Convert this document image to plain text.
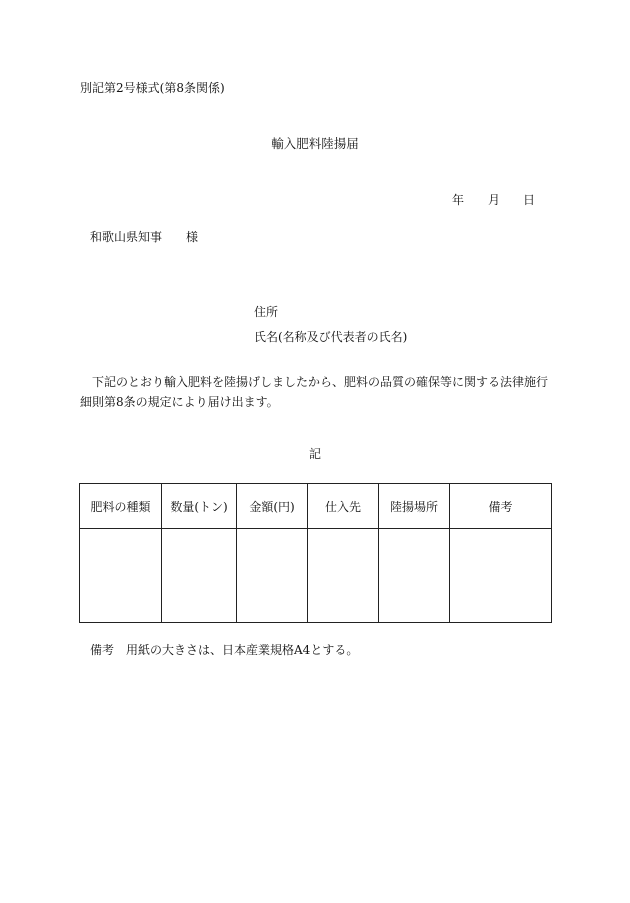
別記第2号様式(第8条関係)
輸入肥料陸揚届
年 月 日
和歌山県知事 様
住所
氏名(名称及び代表者の氏名)
下記のとおり輸入肥料を陸揚げしましたから、肥料の品質の確保等に関する法律施行細則第8条の規定により届け出ます。
記
肥料の種類	数量(トン)	金額(円)	仕入先	陸揚場所	備考

備考 用紙の大きさは、日本産業規格A4とする。
